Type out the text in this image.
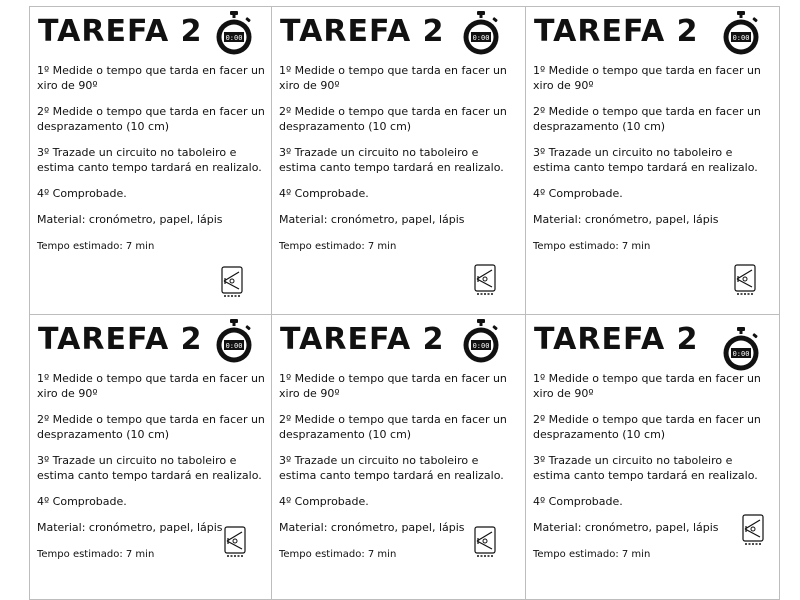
TAREFA 2	0:00

1º Medide o tempo que tarda en facer un xiro de 90º

2º Medide o tempo que tarda en facer un desprazamento (10 cm)

3º Trazade un circuito no taboleiro e estima canto tempo tardará en realizalo.

4º Comprobade.

Material: cronómetro, papel, lápis

Tempo estimado: 7 min

TAREFA 2	0:00

1º Medide o tempo que tarda en facer un xiro de 90º

2º Medide o tempo que tarda en facer un desprazamento (10 cm)

3º Trazade un circuito no taboleiro e estima canto tempo tardará en realizalo.

4º Comprobade.

Material: cronómetro, papel, lápis

Tempo estimado: 7 min

TAREFA 2	0:00

1º Medide o tempo que tarda en facer un xiro de 90º

2º Medide o tempo que tarda en facer un desprazamento (10 cm)

3º Trazade un circuito no taboleiro e estima canto tempo tardará en realizalo.

4º Comprobade.

Material: cronómetro, papel, lápis

Tempo estimado: 7 min

TAREFA 2	0:00

1º Medide o tempo que tarda en facer un xiro de 90º

2º Medide o tempo que tarda en facer un desprazamento (10 cm)

3º Trazade un circuito no taboleiro e estima canto tempo tardará en realizalo.

4º Comprobade.

Material: cronómetro, papel, lápis

Tempo estimado: 7 min

TAREFA 2	0:00

1º Medide o tempo que tarda en facer un xiro de 90º

2º Medide o tempo que tarda en facer un desprazamento (10 cm)

3º Trazade un circuito no taboleiro e estima canto tempo tardará en realizalo.

4º Comprobade.

Material: cronómetro, papel, lápis

Tempo estimado: 7 min

TAREFA 2	0:00

1º Medide o tempo que tarda en facer un xiro de 90º

2º Medide o tempo que tarda en facer un desprazamento (10 cm)

3º Trazade un circuito no taboleiro e estima canto tempo tardará en realizalo.

4º Comprobade.

Material: cronómetro, papel, lápis

Tempo estimado: 7 min
